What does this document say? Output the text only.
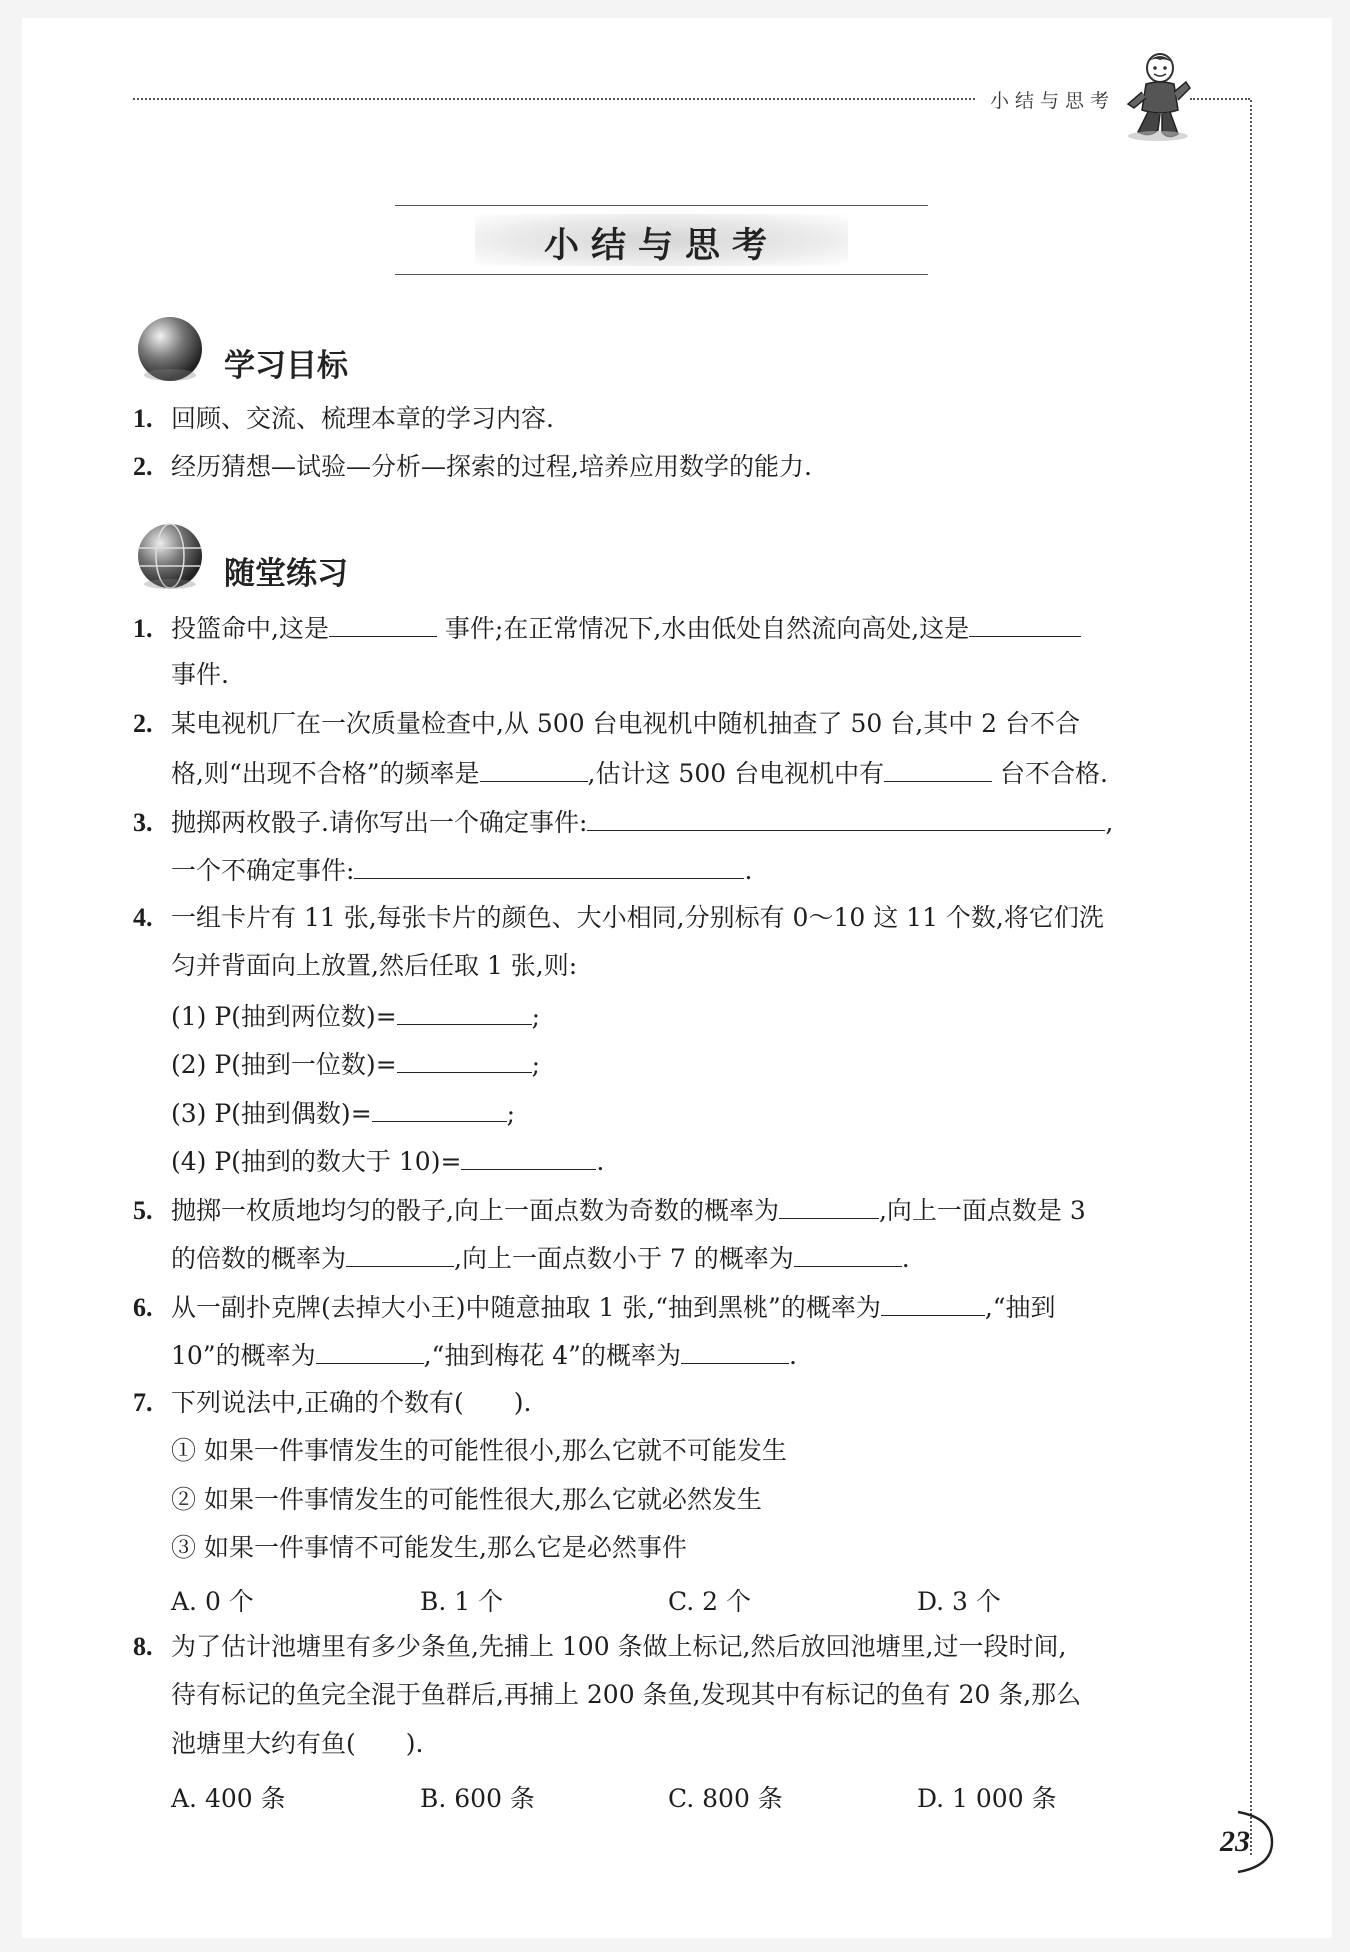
小结与思考
小结与思考
学习目标
1. 回顾、交流、梳理本章的学习内容.
2. 经历猜想—试验—分析—探索的过程,培养应用数学的能力.
随堂练习
1. 投篮命中,这是	事件;在正常情况下,水由低处自然流向高处,这是
事件.
2. 某电视机厂在一次质量检查中,从 500 台电视机中随机抽查了 50 台,其中 2 台不合
格,则“出现不合格”的频率是	,估计这 500 台电视机中有	台不合格.
3. 抛掷两枚骰子.请你写出一个确定事件:	,
一个不确定事件:	.
4. 一组卡片有 11 张,每张卡片的颜色、大小相同,分别标有 0～10 这 11 个数,将它们洗
匀并背面向上放置,然后任取 1 张,则:
(1) P(抽到两位数)=	;
(2) P(抽到一位数)=	;
(3) P(抽到偶数)=	;
(4) P(抽到的数大于 10)=	.
5. 抛掷一枚质地均匀的骰子,向上一面点数为奇数的概率为	,向上一面点数是 3
的倍数的概率为	,向上一面点数小于 7 的概率为	.
6. 从一副扑克牌(去掉大小王)中随意抽取 1 张,“抽到黑桃”的概率为	,“抽到
10”的概率为	,“抽到梅花 4”的概率为	.
7. 下列说法中,正确的个数有(　　).
① 如果一件事情发生的可能性很小,那么它就不可能发生
② 如果一件事情发生的可能性很大,那么它就必然发生
③ 如果一件事情不可能发生,那么它是必然事件
A. 0 个	B. 1 个	C. 2 个	D. 3 个
8. 为了估计池塘里有多少条鱼,先捕上 100 条做上标记,然后放回池塘里,过一段时间,
待有标记的鱼完全混于鱼群后,再捕上 200 条鱼,发现其中有标记的鱼有 20 条,那么
池塘里大约有鱼(　　).
A. 400 条	B. 600 条	C. 800 条	D. 1 000 条
23
